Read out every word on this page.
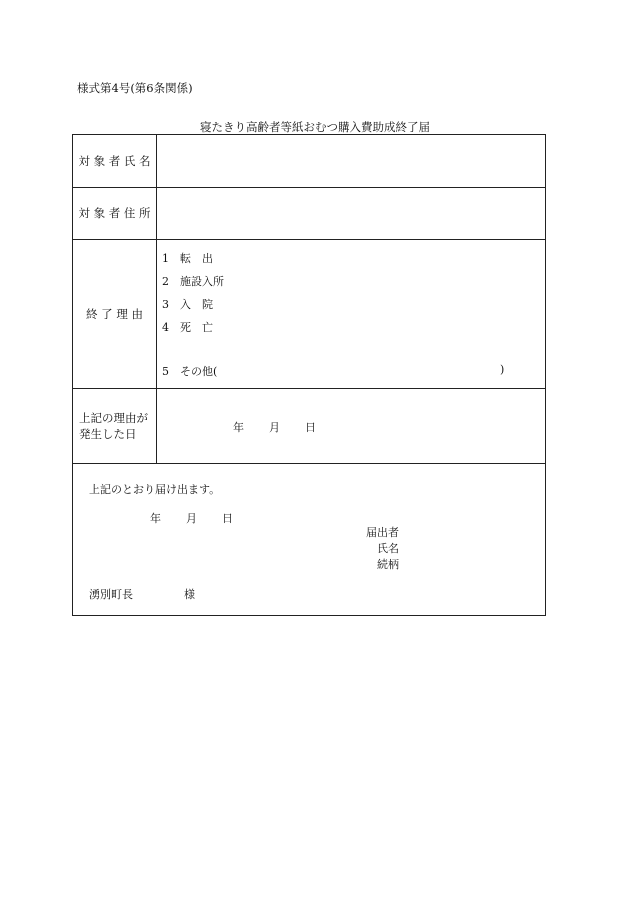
様式第4号(第6条関係)
寝たきり高齢者等紙おむつ購入費助成終了届
対 象 者 氏 名
対 象 者 住 所
終 了 理 由
上記の理由が発生した日
1 転　出
2 施設入所
3 入　院
4 死　亡
5 その他(	)
年 月 日
上記のとおり届け出ます。
年 月 日
届出者
氏名
続柄
湧別町長	様
